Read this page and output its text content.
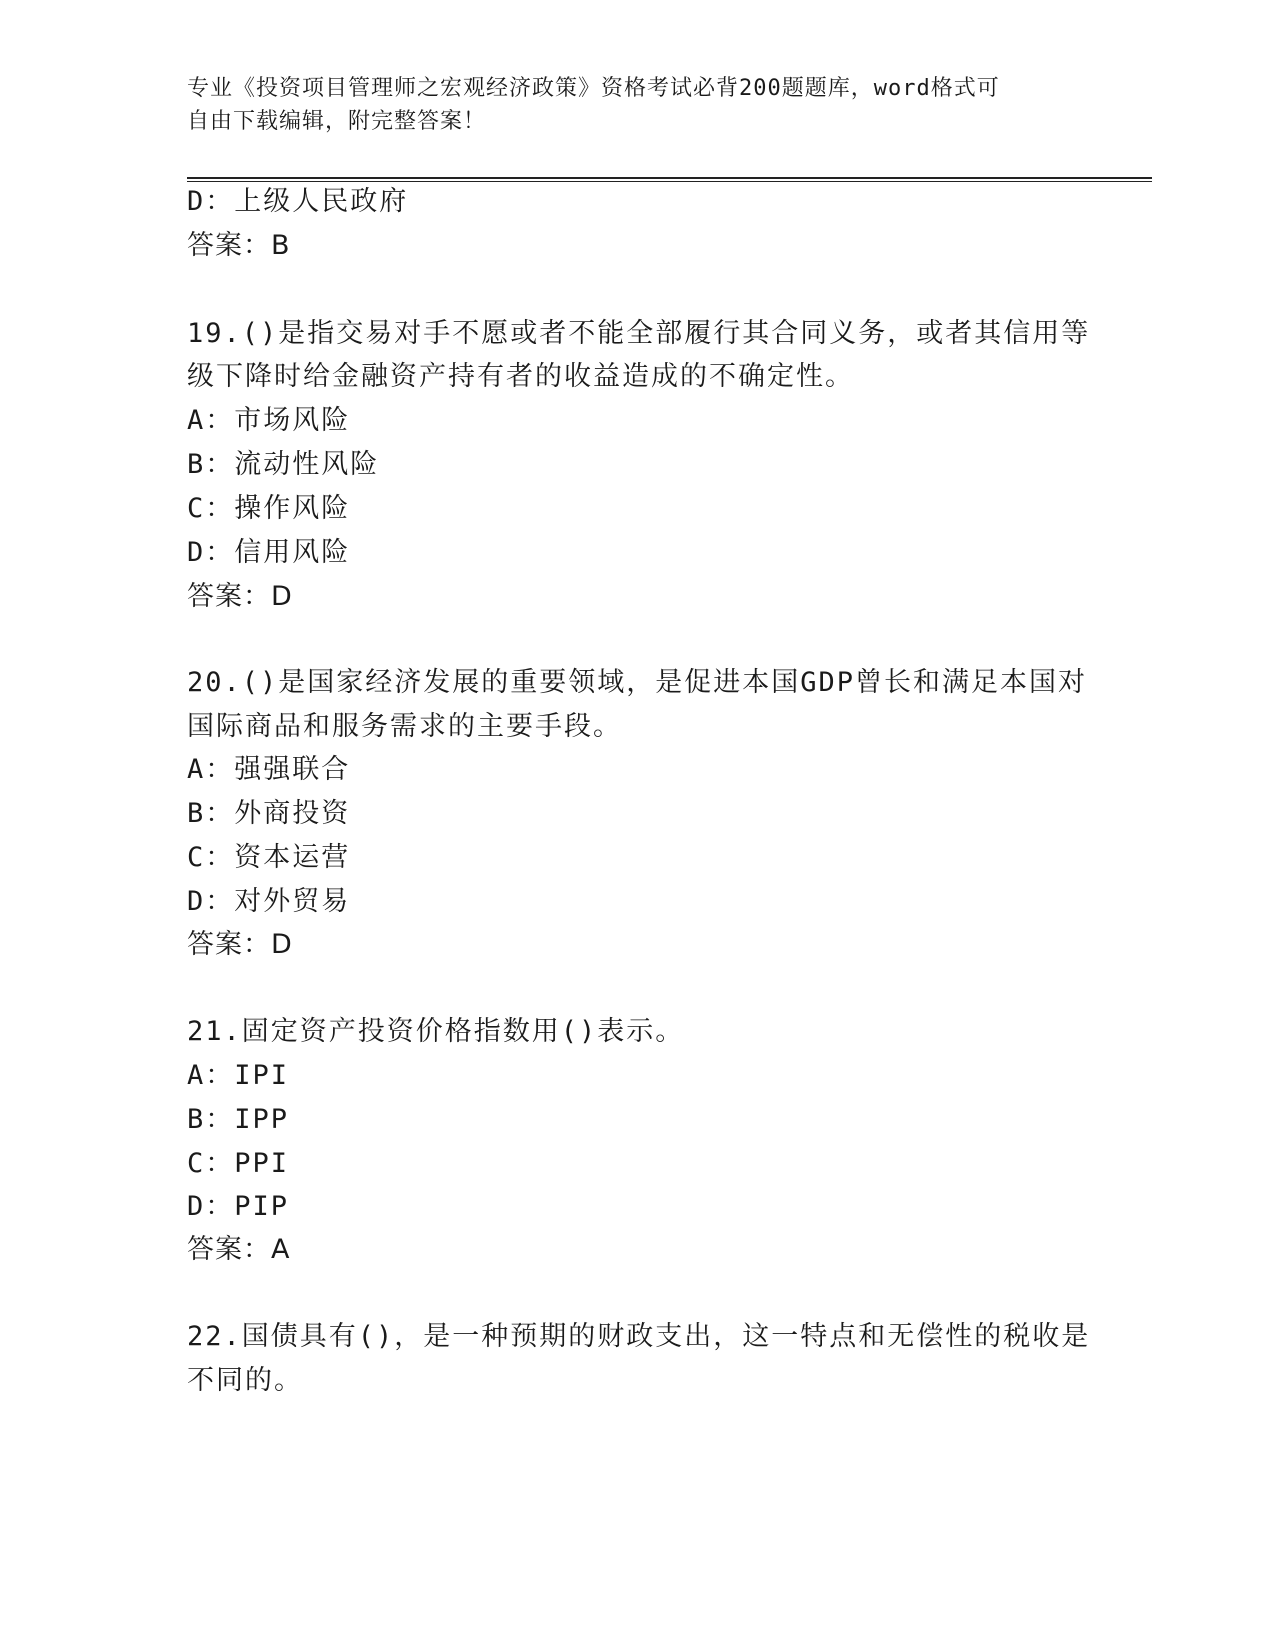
专业《投资项目管理师之宏观经济政策》资格考试必背200题题库，word格式可
自由下载编辑，附完整答案！
D：上级人民政府
答案：B
19.()是指交易对手不愿或者不能全部履行其合同义务，或者其信用等
级下降时给金融资产持有者的收益造成的不确定性。
A：市场风险
B：流动性风险
C：操作风险
D：信用风险
答案：D
20.()是国家经济发展的重要领域，是促进本国GDP曾长和满足本国对
国际商品和服务需求的主要手段。
A：强强联合
B：外商投资
C：资本运营
D：对外贸易
答案：D
21.固定资产投资价格指数用()表示。
A：IPI
B：IPP
C：PPI
D：PIP
答案：A
22.国债具有()，是一种预期的财政支出，这一特点和无偿性的税收是
不同的。
